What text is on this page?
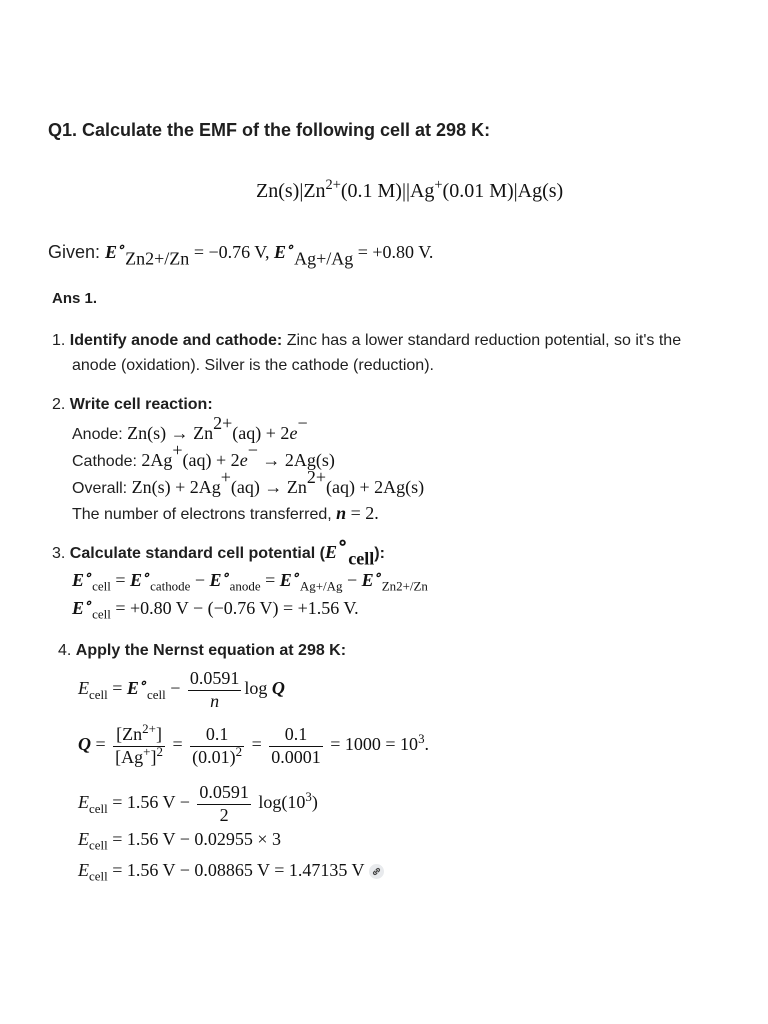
Q1. Calculate the EMF of the following cell at 298 K:
$Zn(s)|Zn^{2+}(0.1$ M)||Ag+(0.01 M)|Ag(s)
Given: $E^\circ_{Zn2+/Zn} = -0.76$ V, $E^\circ_{Ag+/Ag} = +0.80$ V.
Ans 1.
1. Identify anode and cathode: Zinc has a lower standard reduction potential, so it's the
anode (oxidation). Silver is the cathode (reduction).
2. Write cell reaction:
Anode: $Zn(s) \to Zn^{2+}(aq) + 2e^-$
Cathode: 2Ag+(aq) + 2e− → 2Ag(s)
Overall: $Zn(s) + 2Ag^+(aq) \to Zn^{2+}(aq) + 2Ag(s)$
The number of electrons transferred, n = 2.
3. Calculate standard cell potential $(E^\circ_{cell})$:
$E^\circ_{cell} = E^\circ_{cathode} - E^\circ_{anode} = E^\circ_{Ag+/Ag} - E^\circ_{Zn2+/Zn}$
$E^\circ_{cell} = +0.80$ V − (−0.76 V) = +1.56 V.
4. Apply the Nernst equation at 298 K:
$E_{cell} = E^\circ_{cell} - \frac{0.0591}{n}$ log Q
$Q = \frac{[Zn^{2+}]}{[Ag^+]^2} = \frac{0.1}{(0.01)^2} = \frac{0.1}{0.0001} = 1000 = 10^3$.
$E_{cell} = 1.56$ $V - \frac{0.0591}{2} \log(10^3)$
$E_{cell} = 1.56$ V − 0.02955 × 3
$E_{cell} = 1.56$ V − 0.08865 V = 1.47135 V
